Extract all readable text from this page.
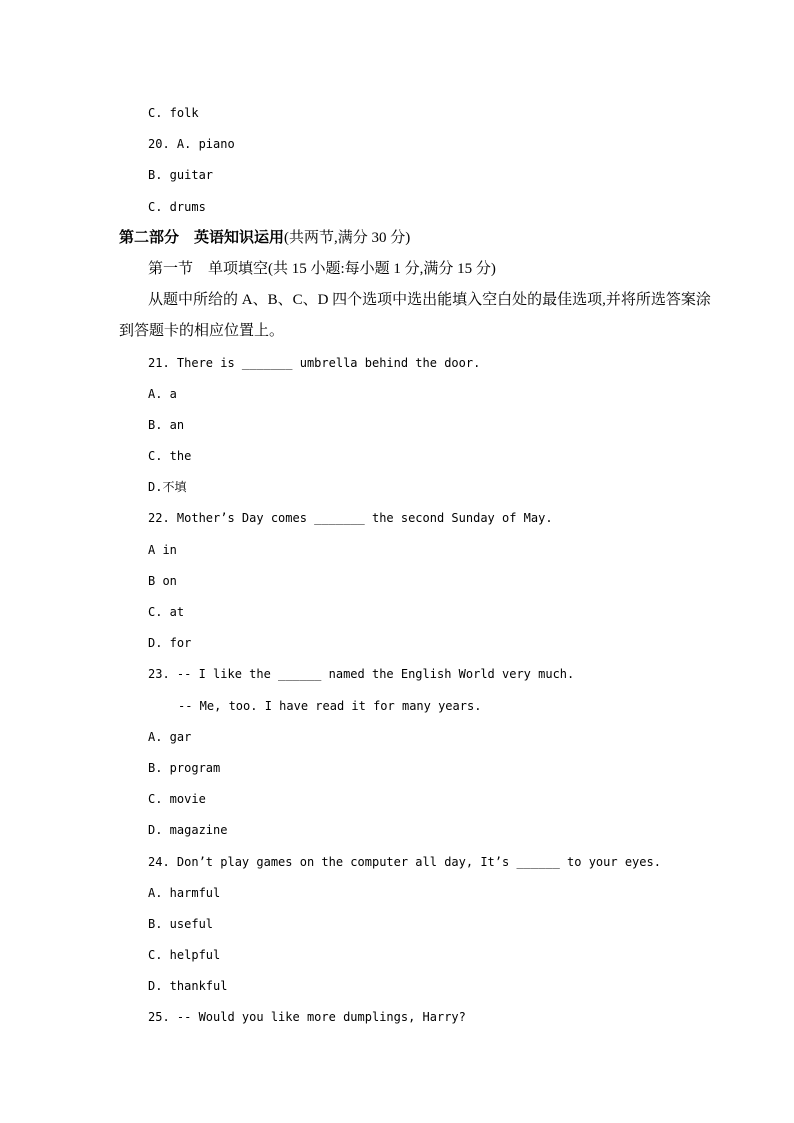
C. folk
20. A. piano
B. guitar
C. drums
第二部分　英语知识运用(共两节,满分 30 分)
第一节　单项填空(共 15 小题:每小题 1 分,满分 15 分)
从题中所给的 A、B、C、D 四个选项中选出能填入空白处的最佳选项,并将所选答案涂
到答题卡的相应位置上。
21. There is _______ umbrella behind the door.
A. a
B. an
C. the
D.不填
22. Mother’s Day comes _______ the second Sunday of May.
A in
B on
C. at
D. for
23. -- I like the ______ named the English World very much.
-- Me, too. I have read it for many years.
A. gar
B. program
C. movie
D. magazine
24. Don’t play games on the computer all day, It’s ______ to your eyes.
A. harmful
B. useful
C. helpful
D. thankful
25. -- Would you like more dumplings, Harry?
